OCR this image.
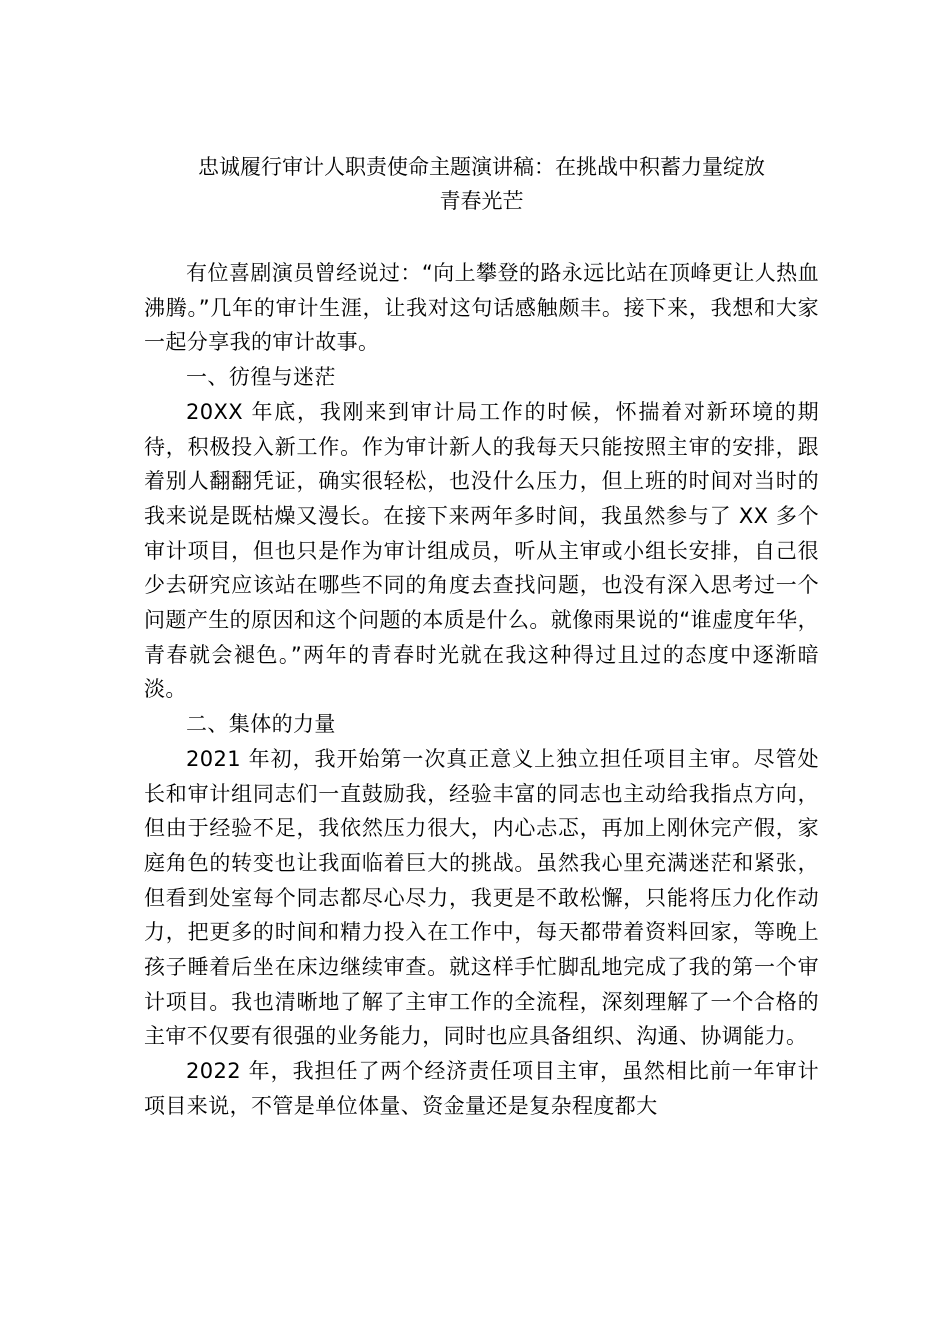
忠诚履行审计人职责使命主题演讲稿：在挑战中积蓄力量绽放
青春光芒

有位喜剧演员曾经说过：“向上攀登的路永远比站在顶峰更让人热血沸腾。”几年的审计生涯，让我对这句话感触颇丰。接下来，我想和大家一起分享我的审计故事。

一、彷徨与迷茫

20XX 年底，我刚来到审计局工作的时候，怀揣着对新环境的期待，积极投入新工作。作为审计新人的我每天只能按照主审的安排，跟着别人翻翻凭证，确实很轻松，也没什么压力，但上班的时间对当时的我来说是既枯燥又漫长。在接下来两年多时间，我虽然参与了 XX 多个审计项目，但也只是作为审计组成员，听从主审或小组长安排，自己很少去研究应该站在哪些不同的角度去查找问题，也没有深入思考过一个问题产生的原因和这个问题的本质是什么。就像雨果说的“谁虚度年华，青春就会褪色。”两年的青春时光就在我这种得过且过的态度中逐渐暗淡。

二、集体的力量

2021 年初，我开始第一次真正意义上独立担任项目主审。尽管处长和审计组同志们一直鼓励我，经验丰富的同志也主动给我指点方向，但由于经验不足，我依然压力很大，内心忐忑，再加上刚休完产假，家庭角色的转变也让我面临着巨大的挑战。虽然我心里充满迷茫和紧张，但看到处室每个同志都尽心尽力，我更是不敢松懈，只能将压力化作动力，把更多的时间和精力投入在工作中，每天都带着资料回家，等晚上孩子睡着后坐在床边继续审查。就这样手忙脚乱地完成了我的第一个审计项目。我也清晰地了解了主审工作的全流程，深刻理解了一个合格的主审不仅要有很强的业务能力，同时也应具备组织、沟通、协调能力。

2022 年，我担任了两个经济责任项目主审，虽然相比前一年审计项目来说，不管是单位体量、资金量还是复杂程度都大
